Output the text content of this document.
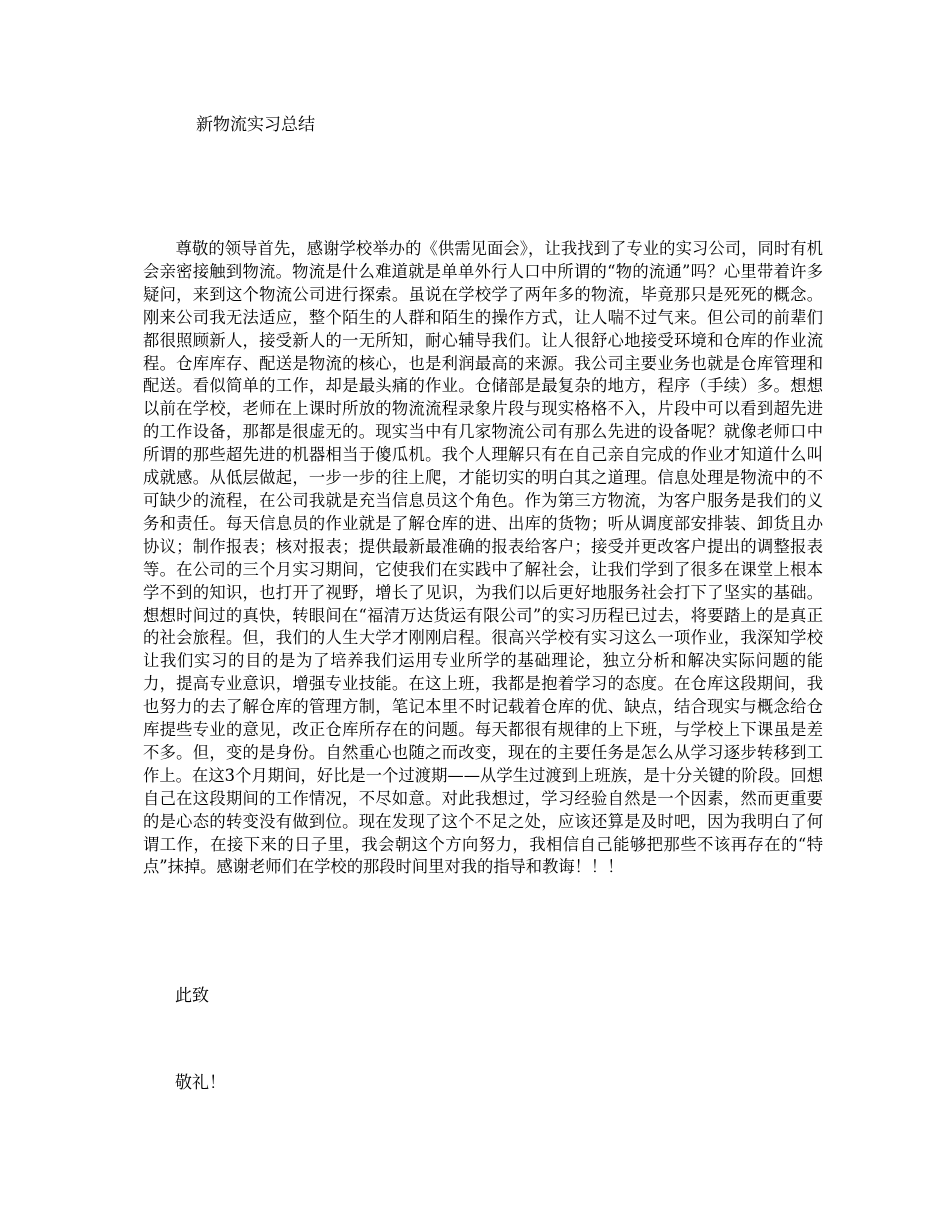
新物流实习总结

尊敬的领导首先，感谢学校举办的《供需见面会》，让我找到了专业的实习公司，同时有机会亲密接触到物流。物流是什么难道就是单单外行人口中所谓的“物的流通”吗？心里带着许多疑问，来到这个物流公司进行探索。虽说在学校学了两年多的物流，毕竟那只是死死的概念。刚来公司我无法适应，整个陌生的人群和陌生的操作方式，让人喘不过气来。但公司的前辈们都很照顾新人，接受新人的一无所知，耐心辅导我们。让人很舒心地接受环境和仓库的作业流程。仓库库存、配送是物流的核心，也是利润最高的来源。我公司主要业务也就是仓库管理和配送。看似简单的工作，却是最头痛的作业。仓储部是最复杂的地方，程序（手续）多。想想以前在学校，老师在上课时所放的物流流程录象片段与现实格格不入，片段中可以看到超先进的工作设备，那都是很虚无的。现实当中有几家物流公司有那么先进的设备呢？就像老师口中所谓的那些超先进的机器相当于傻瓜机。我个人理解只有在自己亲自完成的作业才知道什么叫成就感。从低层做起，一步一步的往上爬，才能切实的明白其之道理。信息处理是物流中的不可缺少的流程，在公司我就是充当信息员这个角色。作为第三方物流，为客户服务是我们的义务和责任。每天信息员的作业就是了解仓库的进、出库的货物；听从调度部安排装、卸货且办协议；制作报表；核对报表；提供最新最准确的报表给客户；接受并更改客户提出的调整报表等。在公司的三个月实习期间，它使我们在实践中了解社会，让我们学到了很多在课堂上根本学不到的知识，也打开了视野，增长了见识，为我们以后更好地服务社会打下了坚实的基础。想想时间过的真快，转眼间在“福清万达货运有限公司”的实习历程已过去，将要踏上的是真正的社会旅程。但，我们的人生大学才刚刚启程。很高兴学校有实习这么一项作业，我深知学校让我们实习的目的是为了培养我们运用专业所学的基础理论，独立分析和解决实际问题的能力，提高专业意识，增强专业技能。在这上班，我都是抱着学习的态度。在仓库这段期间，我也努力的去了解仓库的管理方制，笔记本里不时记载着仓库的优、缺点，结合现实与概念给仓库提些专业的意见，改正仓库所存在的问题。每天都很有规律的上下班，与学校上下课虽是差不多。但，变的是身份。自然重心也随之而改变，现在的主要任务是怎么从学习逐步转移到工作上。在这3个月期间，好比是一个过渡期——从学生过渡到上班族，是十分关键的阶段。回想自己在这段期间的工作情况，不尽如意。对此我想过，学习经验自然是一个因素，然而更重要的是心态的转变没有做到位。现在发现了这个不足之处，应该还算是及时吧，因为我明白了何谓工作，在接下来的日子里，我会朝这个方向努力，我相信自己能够把那些不该再存在的“特点”抹掉。感谢老师们在学校的那段时间里对我的指导和教诲！！！

此致
敬礼！
